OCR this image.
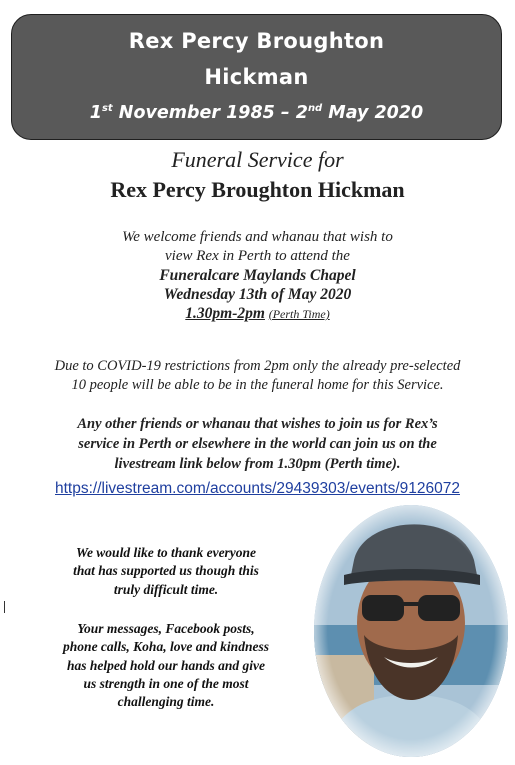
Rex Percy Broughton
Hickman
1st November 1985 – 2nd May 2020
Funeral Service for
Rex Percy Broughton Hickman
We welcome friends and whanau that wish to
view Rex in Perth to attend the
Funeralcare Maylands Chapel
Wednesday 13th of May 2020
1.30pm-2pm (Perth Time)
Due to COVID-19 restrictions from 2pm only the already pre-selected
10 people will be able to be in the funeral home for this Service.
Any other friends or whanau that wishes to join us for Rex’s
service in Perth or elsewhere in the world can join us on the
livestream link below from 1.30pm (Perth time).
https://livestream.com/accounts/29439303/events/9126072
We would like to thank everyone
that has supported us though this
truly difficult time.
Your messages, Facebook posts,
phone calls, Koha, love and kindness
has helped hold our hands and give
us strength in one of the most
challenging time.
